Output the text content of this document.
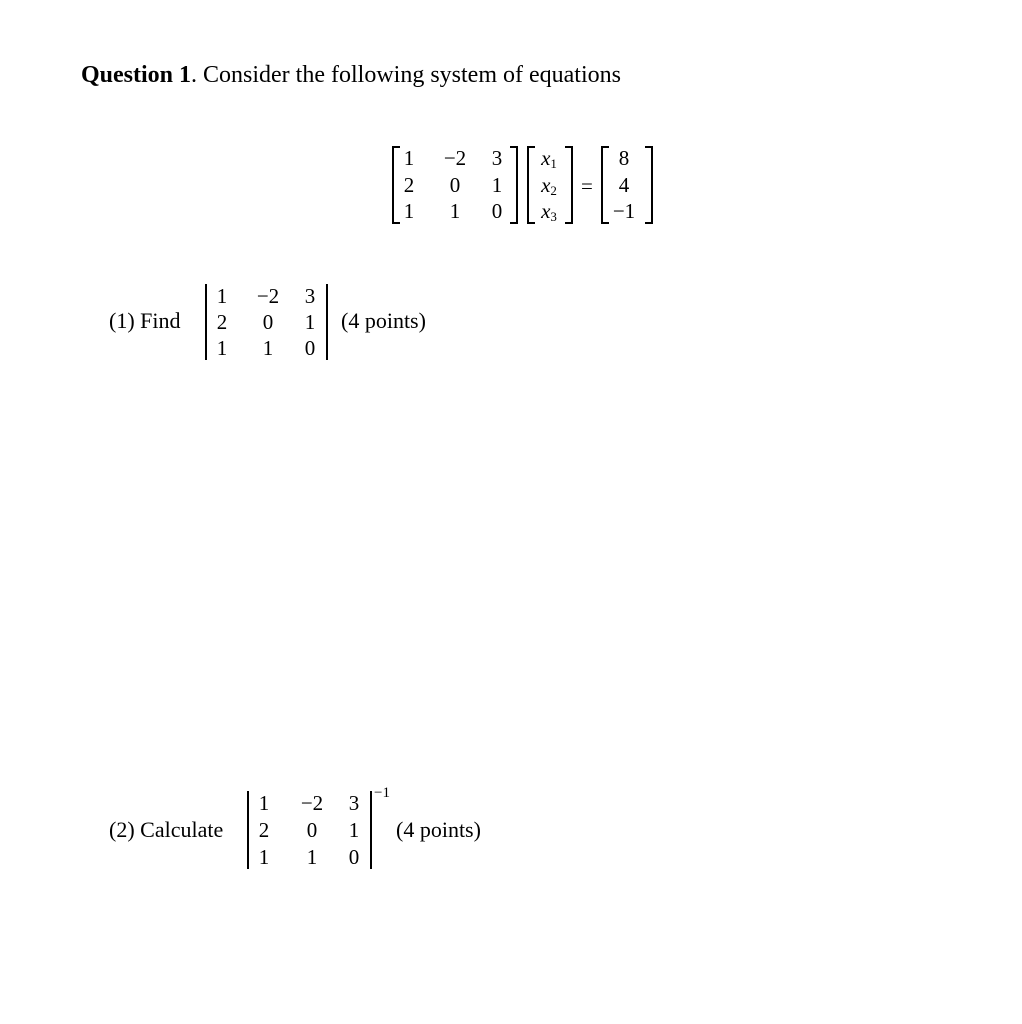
Question 1. Consider the following system of equations
1	−2	3
2	0	1
1	1	0
$x_1$
$x_2$
$x_3$
=
8
4
−1
(1) Find
1	−2	3
2	0	1
1	1	0
(4 points)
(2) Calculate
1	−2	3
2	0	1
1	1	0
−1
(4 points)
